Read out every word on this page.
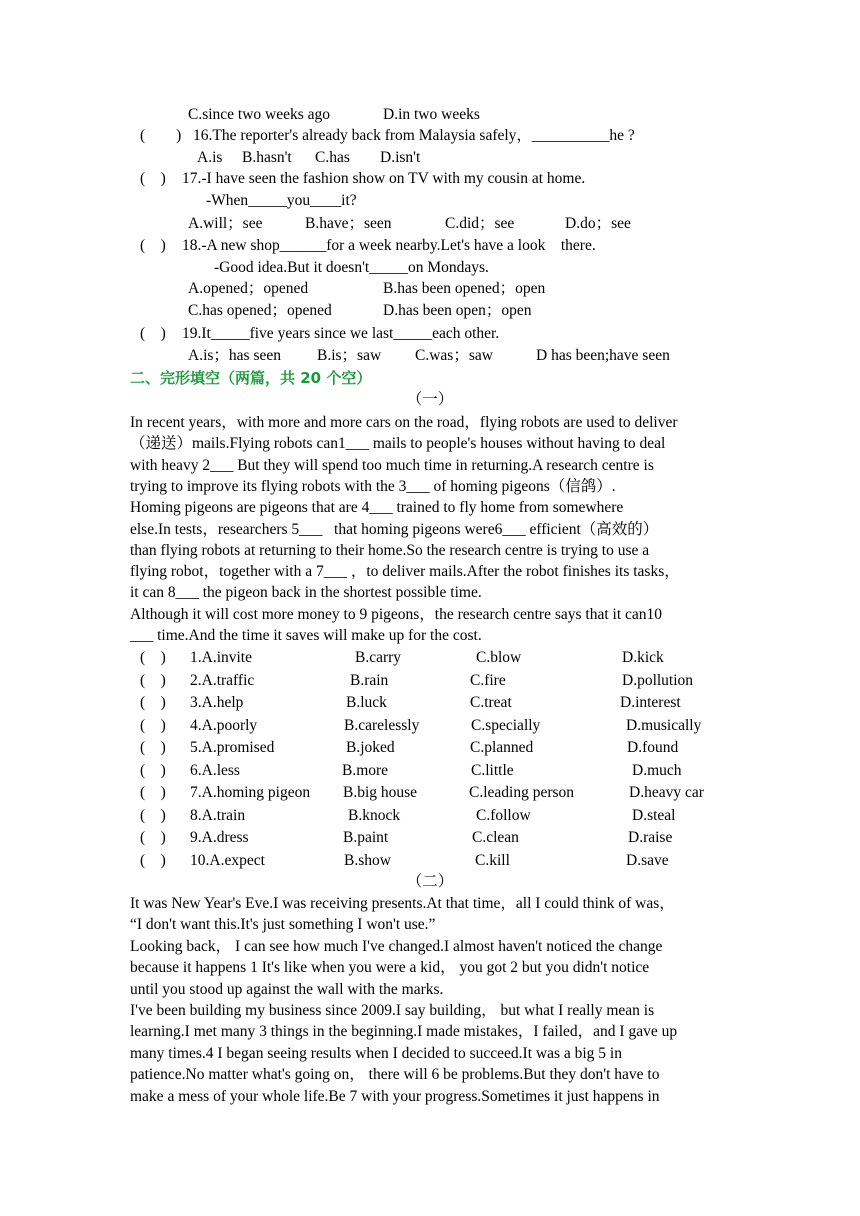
C.since two weeks ago	D.in two weeks
(　　) 16.The reporter's already back from Malaysia safely，__________he ?
A.is B.hasn't C.has D.isn't
(　) 17.-I have seen the fashion show on TV with my cousin at home.
-When_____you____it?
A.will；see	B.have；seen	C.did；see	D.do；see
(　) 18.-A new shop______for a week nearby.Let's have a look　there.
-Good idea.But it doesn't_____on Mondays.
A.opened；opened	B.has been opened；open
C.has opened；opened	D.has been open；open
(　) 19.It_____five years since we last_____each other.
A.is；has seen B.is；saw C.was；saw	D has been;have seen
二、完形填空（两篇，共 20 个空）
（一）
In recent years，with more and more cars on the road，flying robots are used to deliver
（递送）mails.Flying robots can1___ mails to people's houses without having to deal
with heavy 2___ But they will spend too much time in returning.A research centre is
trying to improve its flying robots with the 3___ of homing pigeons（信鸽）.
Homing pigeons are pigeons that are 4___ trained to fly home from somewhere
else.In tests，researchers 5___   that homing pigeons were6___ efficient（高效的）
than flying robots at returning to their home.So the research centre is trying to use a
flying robot，together with a 7___ ，to deliver mails.After the robot finishes its tasks，
it can 8___ the pigeon back in the shortest possible time.
Although it will cost more money to 9 pigeons，the research centre says that it can10
___ time.And the time it saves will make up for the cost.
(　) 1.A.invite	B.carry	C.blow	D.kick
(　) 2.A.traffic	B.rain	C.fire	D.pollution
(　) 3.A.help	B.luck	C.treat	D.interest
(　) 4.A.poorly	B.carelessly	C.specially	D.musically
(　) 5.A.promised	B.joked	C.planned	D.found
(　) 6.A.less	B.more	C.little	D.much
(　) 7.A.homing pigeon B.big house	C.leading person	D.heavy car
(　) 8.A.train	B.knock	C.follow	D.steal
(　) 9.A.dress	B.paint	C.clean	D.raise
(　) 10.A.expect	B.show	C.kill	D.save
（二）
It was New Year's Eve.I was receiving presents.At that time，all I could think of was，
“I don't want this.It's just something I won't use.”
Looking back， I can see how much I've changed.I almost haven't noticed the change
because it happens 1 It's like when you were a kid， you got 2 but you didn't notice
until you stood up against the wall with the marks.
I've been building my business since 2009.I say building， but what I really mean is
learning.I met many 3 things in the beginning.I made mistakes，I failed，and I gave up
many times.4 I began seeing results when I decided to succeed.It was a big 5 in
patience.No matter what's going on， there will 6 be problems.But they don't have to
make a mess of your whole life.Be 7 with your progress.Sometimes it just happens in
